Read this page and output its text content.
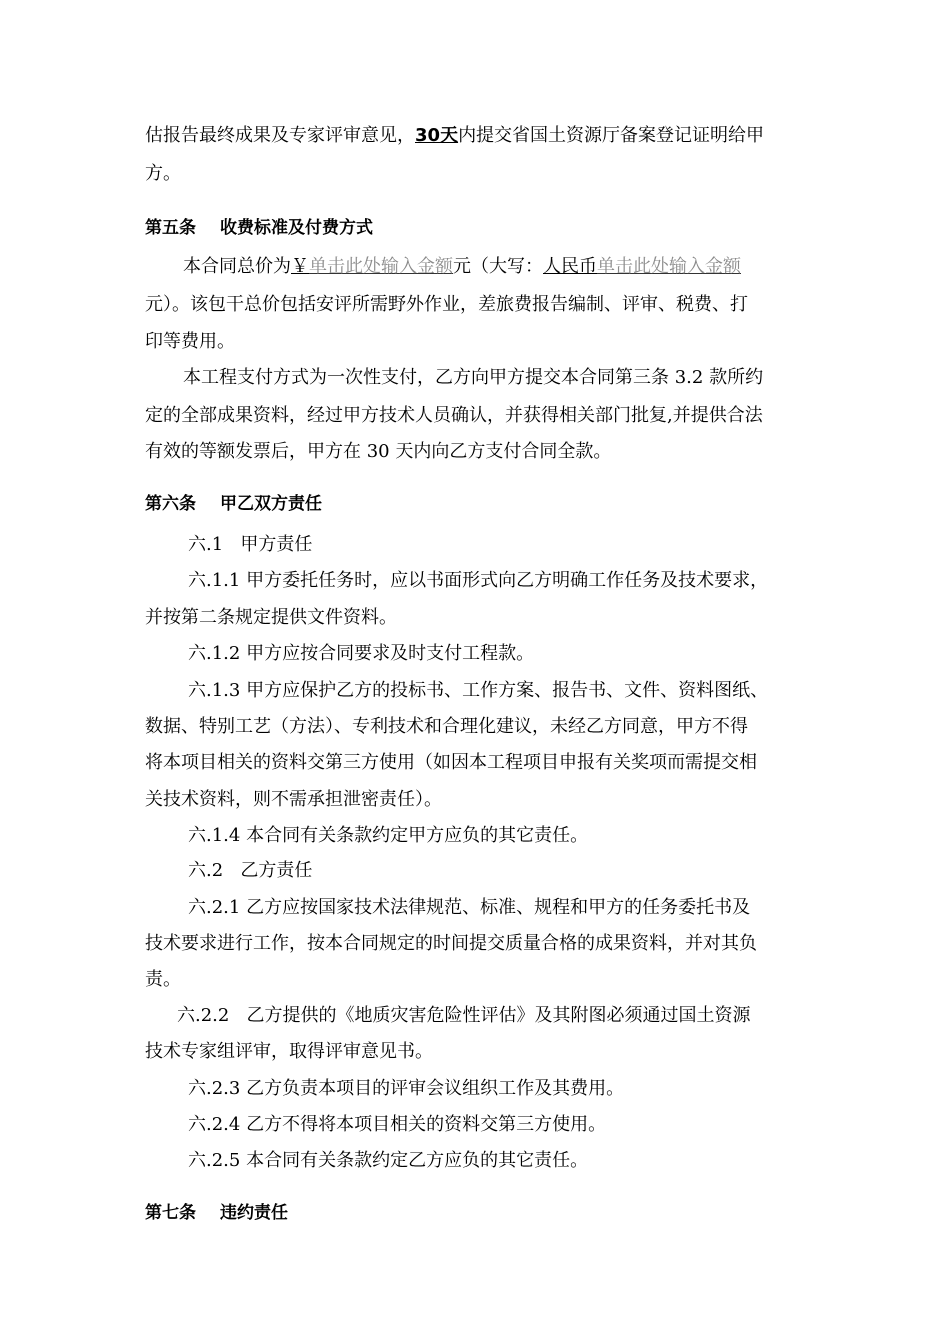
估报告最终成果及专家评审意见，30天内提交省国土资源厅备案登记证明给甲
方。
第五条 收费标准及付费方式
本合同总价为￥单击此处输入金额元（大写：人民币单击此处输入金额
元）。该包干总价包括安评所需野外作业，差旅费报告编制、评审、税费、打
印等费用。
本工程支付方式为一次性支付，乙方向甲方提交本合同第三条 3.2 款所约
定的全部成果资料，经过甲方技术人员确认，并获得相关部门批复,并提供合法
有效的等额发票后，甲方在 30 天内向乙方支付合同全款。
第六条 甲乙双方责任
六.1   甲方责任
六.1.1 甲方委托任务时，应以书面形式向乙方明确工作任务及技术要求，
并按第二条规定提供文件资料。
六.1.2 甲方应按合同要求及时支付工程款。
六.1.3 甲方应保护乙方的投标书、工作方案、报告书、文件、资料图纸、
数据、特别工艺（方法）、专利技术和合理化建议，未经乙方同意，甲方不得
将本项目相关的资料交第三方使用（如因本工程项目申报有关奖项而需提交相
关技术资料，则不需承担泄密责任）。
六.1.4 本合同有关条款约定甲方应负的其它责任。
六.2   乙方责任
六.2.1 乙方应按国家技术法律规范、标准、规程和甲方的任务委托书及
技术要求进行工作，按本合同规定的时间提交质量合格的成果资料，并对其负
责。
六.2.2   乙方提供的《地质灾害危险性评估》及其附图必须通过国土资源
技术专家组评审，取得评审意见书。
六.2.3 乙方负责本项目的评审会议组织工作及其费用。
六.2.4 乙方不得将本项目相关的资料交第三方使用。
六.2.5 本合同有关条款约定乙方应负的其它责任。
第七条 违约责任
